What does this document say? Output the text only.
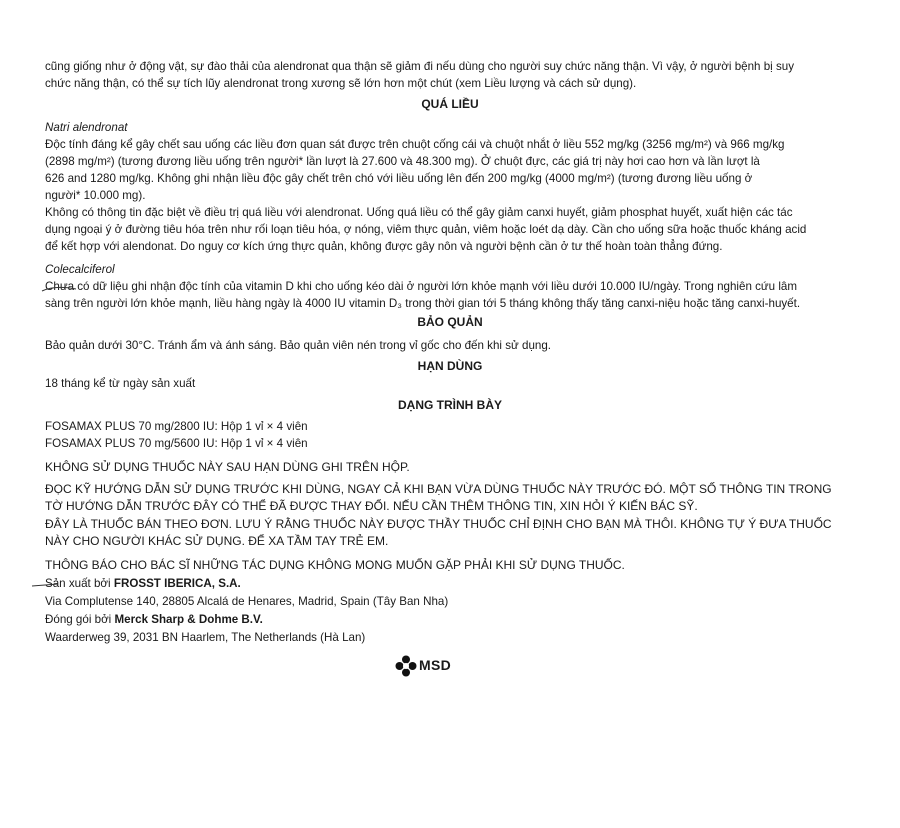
cũng giống như ở động vật, sự đào thải của alendronat qua thận sẽ giảm đi nếu dùng cho người suy chức năng thận. Vì vậy, ở người bệnh bị suy

chức năng thận, có thể sự tích lũy alendronat trong xương sẽ lớn hơn một chút (xem Liều lượng và cách sử dụng).

QUÁ LIỀU

Natri alendronat

Độc tính đáng kể gây chết sau uống các liều đơn quan sát được trên chuột cống cái và chuột nhắt ở liều 552 mg/kg (3256 mg/m²) và 966 mg/kg

(2898 mg/m²) (tương đương liều uống trên người* lần lượt là 27.600 và 48.300 mg). Ở chuột đực, các giá trị này hơi cao hơn và lần lượt là

626 and 1280 mg/kg. Không ghi nhận liều độc gây chết trên chó với liều uống lên đến 200 mg/kg (4000 mg/m²) (tương đương liều uống ở

người* 10.000 mg).

Không có thông tin đặc biệt về điều trị quá liều với alendronat. Uống quá liều có thể gây giảm canxi huyết, giảm phosphat huyết, xuất hiện các tác

dụng ngoại ý ở đường tiêu hóa trên như rối loạn tiêu hóa, ợ nóng, viêm thực quản, viêm hoặc loét dạ dày. Cần cho uống sữa hoặc thuốc kháng acid

để kết hợp với alendonat. Do nguy cơ kích ứng thực quản, không được gây nôn và người bệnh cần ở tư thế hoàn toàn thẳng đứng.

Colecalciferol

Chưa có dữ liệu ghi nhận độc tính của vitamin D khi cho uống kéo dài ở người lớn khỏe mạnh với liều dưới 10.000 IU/ngày. Trong nghiên cứu lâm

sàng trên người lớn khỏe mạnh, liều hàng ngày là 4000 IU vitamin D₃ trong thời gian tới 5 tháng không thấy tăng canxi-niệu hoặc tăng canxi-huyết.

BẢO QUẢN
Bảo quản dưới 30°C. Tránh ẩm và ánh sáng. Bảo quản viên nén trong vỉ gốc cho đến khi sử dụng.
HẠN DÙNG
18 tháng kể từ ngày sản xuất
DẠNG TRÌNH BÀY

FOSAMAX PLUS 70 mg/2800 IU: Hộp 1 vỉ × 4 viên

FOSAMAX PLUS 70 mg/5600 IU: Hộp 1 vỉ × 4 viên

KHÔNG SỬ DỤNG THUỐC NÀY SAU HẠN DÙNG GHI TRÊN HỘP.

ĐỌC KỸ HƯỚNG DẪN SỬ DỤNG TRƯỚC KHI DÙNG, NGAY CẢ KHI BẠN VỪA DÙNG THUỐC NÀY TRƯỚC ĐÓ. MỘT SỐ THÔNG TIN TRONG

TỜ HƯỚNG DẪN TRƯỚC ĐÂY CÓ THỂ ĐÃ ĐƯỢC THAY ĐỔI. NẾU CẦN THÊM THÔNG TIN, XIN HỎI Ý KIẾN BÁC SỸ.

ĐÂY LÀ THUỐC BÁN THEO ĐƠN. LƯU Ý RẰNG THUỐC NÀY ĐƯỢC THẦY THUỐC CHỈ ĐỊNH CHO BẠN MÀ THÔI. KHÔNG TỰ Ý ĐƯA THUỐC

NÀY CHO NGƯỜI KHÁC SỬ DỤNG. ĐỂ XA TẦM TAY TRẺ EM.

THÔNG BÁO CHO BÁC SĨ NHỮNG TÁC DỤNG KHÔNG MONG MUỐN GẶP PHẢI KHI SỬ DỤNG THUỐC.

Sản xuất bởi FROSST IBERICA, S.A.

Via Complutense 140, 28805 Alcalá de Henares, Madrid, Spain (Tây Ban Nha)

Đóng gói bởi Merck Sharp & Dohme B.V.

Waarderweg 39, 2031 BN Haarlem, The Netherlands (Hà Lan)

MSD
